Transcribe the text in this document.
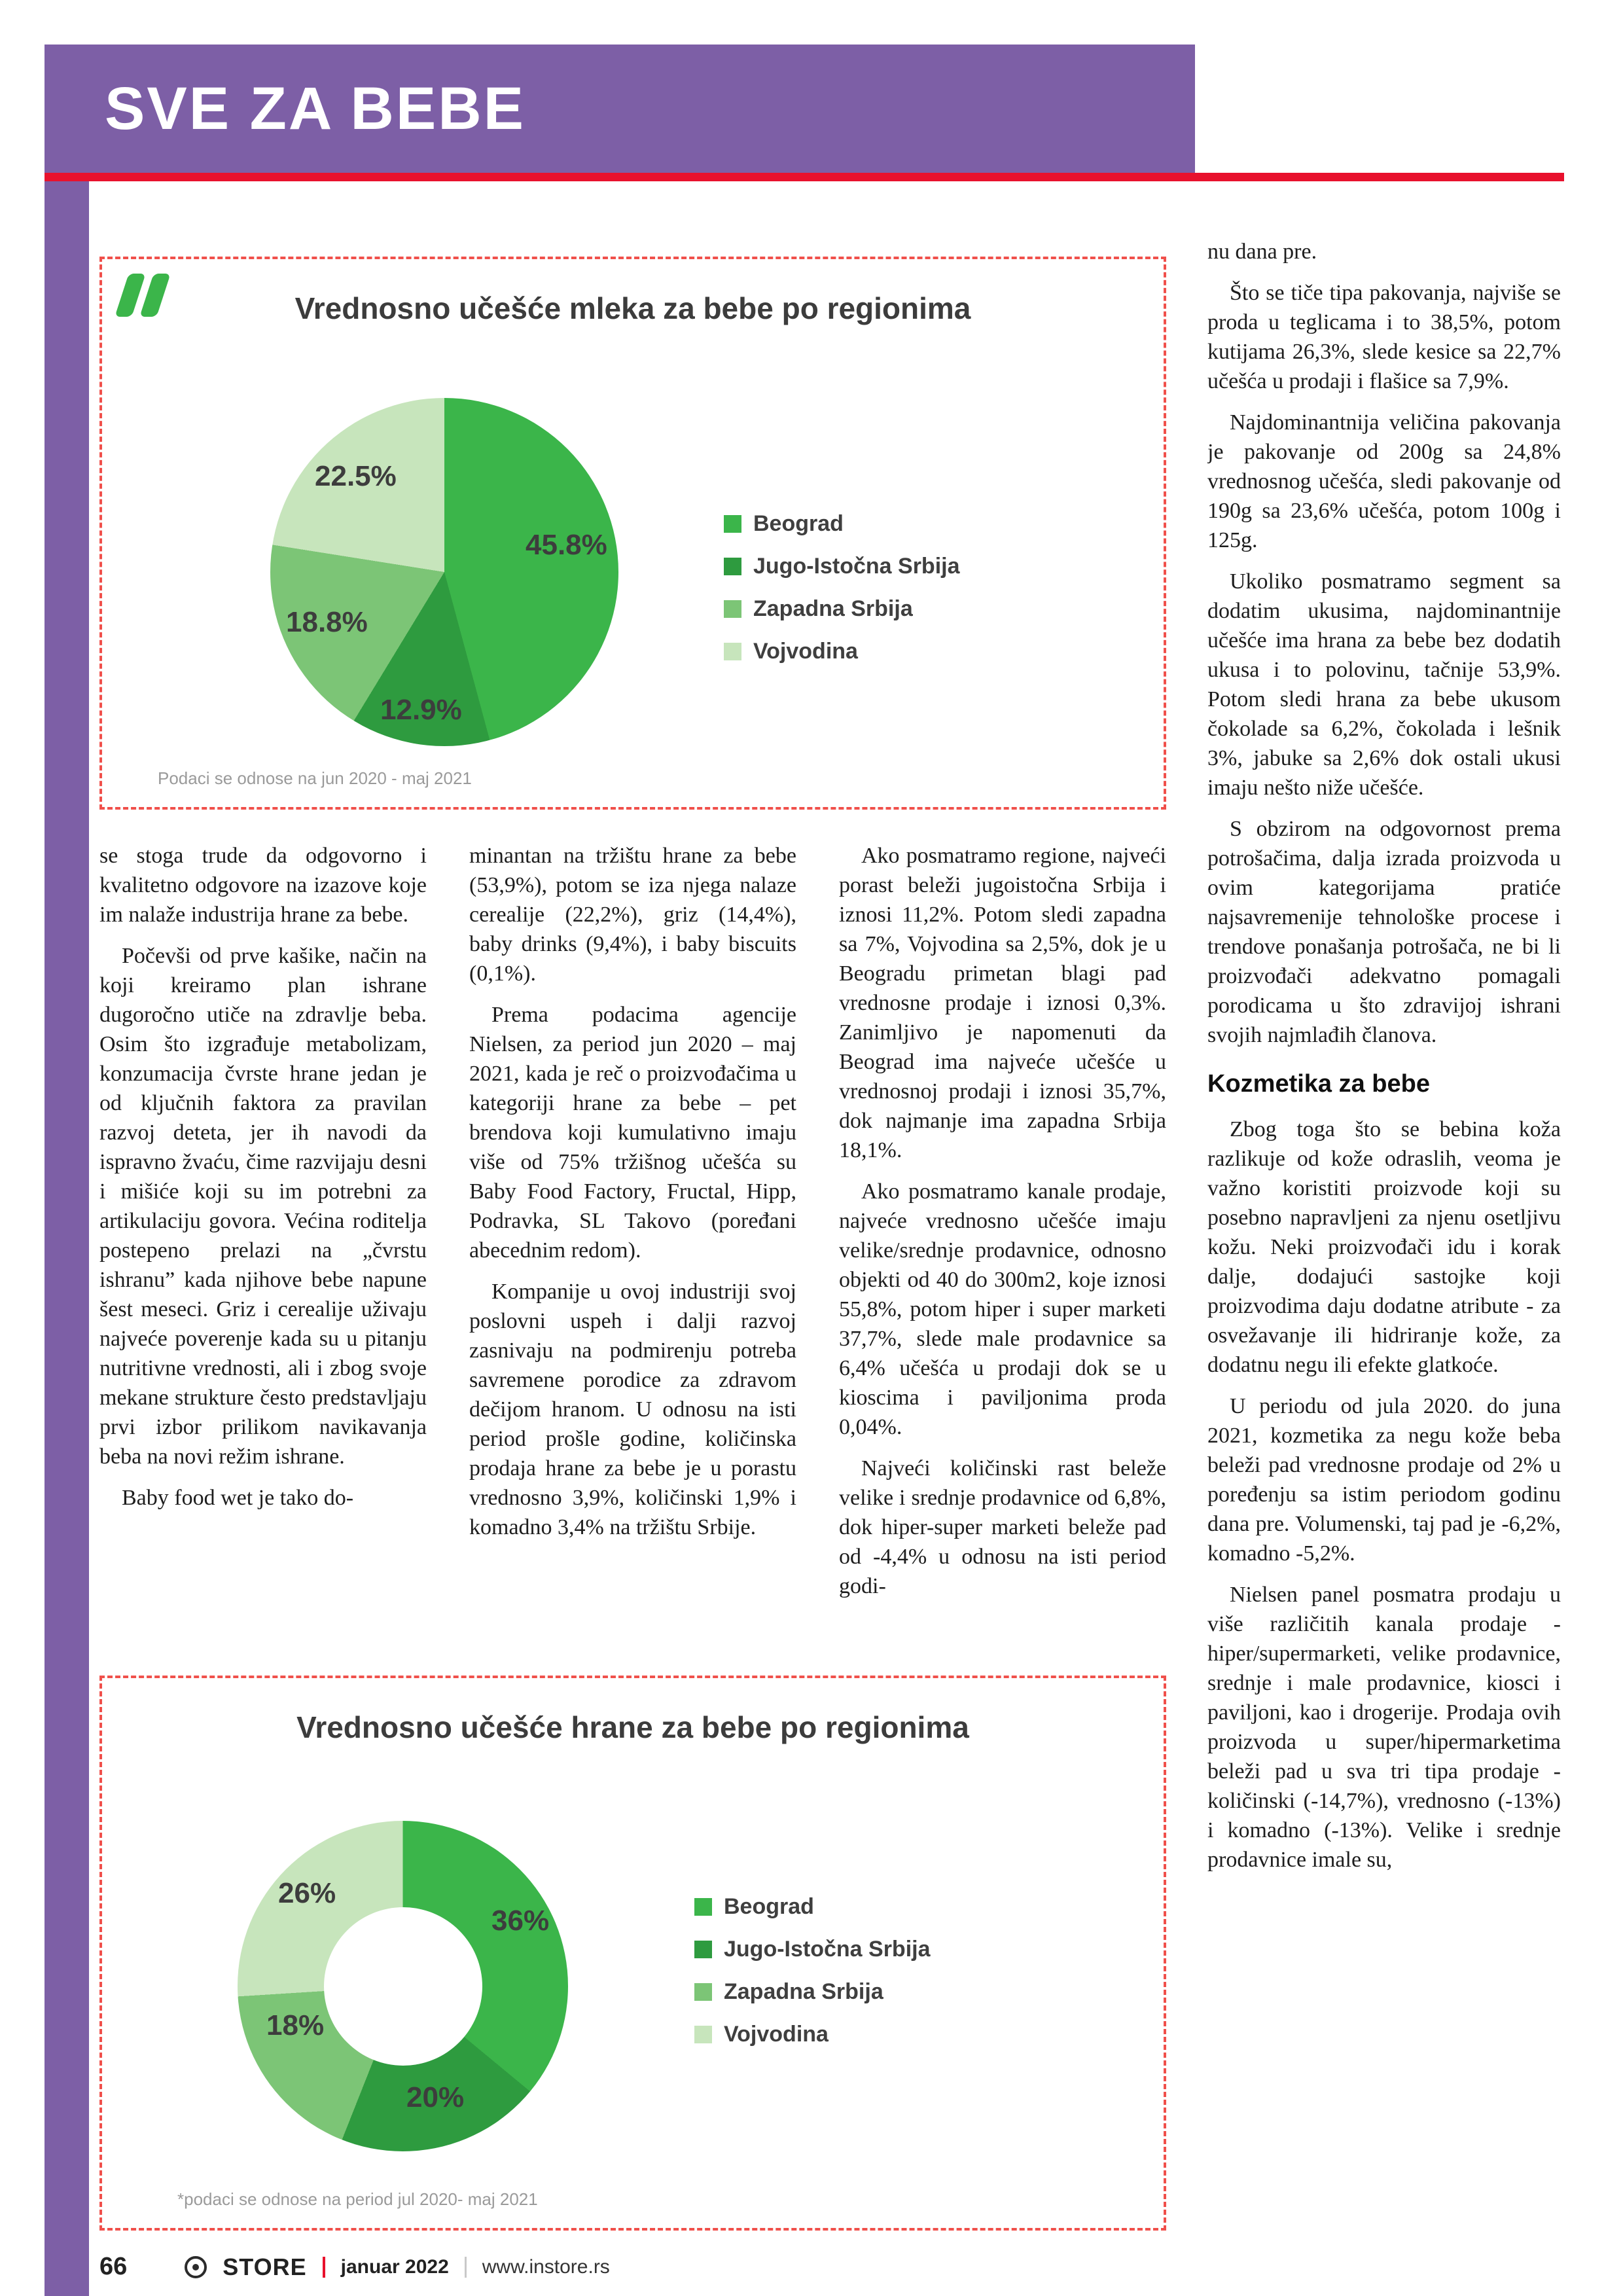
SVE ZA BEBE
Vrednosno učešće mleka za bebe po regionima
45.8%
12.9%
18.8%
22.5%
Beograd
Jugo-Istočna Srbija
Zapadna Srbija
Vojvodina
Podaci se odnose na jun 2020 - maj 2021

se stoga trude da odgovorno i kvalitetno odgovore na izazove koje im nalaže industrija hrane za bebe.

Počevši od prve kašike, način na koji kreiramo plan ishrane dugoročno utiče na zdravlje beba. Osim što izgrađuje metabolizam, konzumacija čvrste hrane jedan je od ključnih faktora za pravilan razvoj deteta, jer ih navodi da ispravno žvaću, čime razvijaju desni i mišiće koji su im potrebni za artikulaciju govora. Većina roditelja postepeno prelazi na „čvrstu ishranu” kada njihove bebe napune šest meseci. Griz i cerealije uživaju najveće poverenje kada su u pitanju nutritivne vrednosti, ali i zbog svoje mekane strukture često predstavljaju prvi izbor prilikom navikavanja beba na novi režim ishrane.

Baby food wet je tako do-

minantan na tržištu hrane za bebe (53,9%), potom se iza njega nalaze cerealije (22,2%), griz (14,4%), baby drinks (9,4%), i baby biscuits (0,1%).

Prema podacima agencije Nielsen, za period jun 2020 – maj 2021, kada je reč o proizvođačima u kategoriji hrane za bebe – pet brendova koji kumulativno imaju više od 75% tržišnog učešća su Baby Food Factory, Fructal, Hipp, Podravka, SL Takovo (poređani abecednim redom).

Kompanije u ovoj industriji svoj poslovni uspeh i dalji razvoj zasnivaju na podmirenju potreba savremene porodice za zdravom dečijom hranom. U odnosu na isti period prošle godine, količinska prodaja hrane za bebe je u porastu vrednosno 3,9%, količinski 1,9% i komadno 3,4% na tržištu Srbije.

Ako posmatramo regione, najveći porast beleži jugoistočna Srbija i iznosi 11,2%. Potom sledi zapadna sa 7%, Vojvodina sa 2,5%, dok je u Beogradu primetan blagi pad vrednosne prodaje i iznosi 0,3%. Zanimljivo je napomenuti da Beograd ima najveće učešće u vrednosnoj prodaji i iznosi 35,7%, dok najmanje ima zapadna Srbija 18,1%.

Ako posmatramo kanale prodaje, najveće vrednosno učešće imaju velike/srednje prodavnice, odnosno objekti od 40 do 300m2, koje iznosi 55,8%, potom hiper i super marketi 37,7%, slede male prodavnice sa 6,4% učešća u prodaji dok se u kioscima i paviljonima proda 0,04%.

Najveći količinski rast beleže velike i srednje prodavnice od 6,8%, dok hiper-super marketi beleže pad od -4,4% u odnosu na isti period godi-

nu dana pre.

Što se tiče tipa pakovanja, najviše se proda u teglicama i to 38,5%, potom kutijama 26,3%, slede kesice sa 22,7% učešća u prodaji i flašice sa 7,9%.

Najdominantnija veličina pakovanja je pakovanje od 200g sa 24,8% vrednosnog učešća, sledi pakovanje od 190g sa 23,6% učešća, potom 100g i 125g.

Ukoliko posmatramo segment sa dodatim ukusima, najdominantnije učešće ima hrana za bebe bez dodatih ukusa i to polovinu, tačnije 53,9%. Potom sledi hrana za bebe ukusom čokolade sa 6,2%, čokolada i lešnik 3%, jabuke sa 2,6% dok ostali ukusi imaju nešto niže učešće.

S obzirom na odgovornost prema potrošačima, dalja izrada proizvoda u ovim kategorijama pratiće najsavremenije tehnološke procese i trendove ponašanja potrošača, ne bi li proizvođači adekvatno pomagali porodicama u što zdravijoj ishrani svojih najmlađih članova.

Kozmetika za bebe

Zbog toga što se bebina koža razlikuje od kože odraslih, veoma je važno koristiti proizvode koji su posebno napravljeni za njenu osetljivu kožu. Neki proizvođači idu i korak dalje, dodajući sastojke koji proizvodima daju dodatne atribute - za osvežavanje ili hidriranje kože, za dodatnu negu ili efekte glatkoće.

U periodu od jula 2020. do juna 2021, kozmetika za negu kože beba beleži pad vrednosne prodaje od 2% u poređenju sa istim periodom godinu dana pre. Volumenski, taj pad je -6,2%, komadno -5,2%.

Nielsen panel posmatra prodaju u više različitih kanala prodaje - hiper/supermarketi, velike prodavnice, srednje i male prodavnice, kiosci i paviljoni, kao i drogerije. Prodaja ovih proizvoda u super/hipermarketima beleži pad u sva tri tipa prodaje - količinski (-14,7%), vrednosno (-13%) i komadno (-13%). Velike i srednje prodavnice imale su,

Vrednosno učešće hrane za bebe po regionima
36%
20%
18%
26%	Beograd
Jugo-Istočna Srbija
Zapadna Srbija
Vojvodina
*podaci se odnose na period jul 2020- maj 2021
66	STORE januar 2022 www.instore.rs
